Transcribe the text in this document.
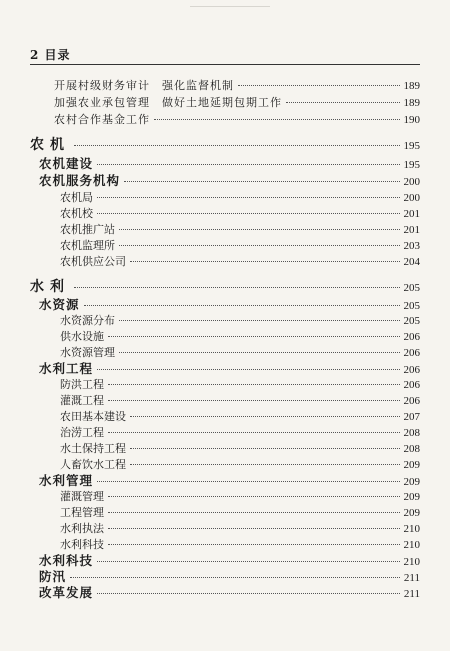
2 目录
开展村级财务审计　强化监督机制	189
加强农业承包管理　做好土地延期包期工作	189
农村合作基金工作	190
农机	195
农机建设	195
农机服务机构	200
农机局	200
农机校	201
农机推广站	201
农机监理所	203
农机供应公司	204
水利	205
水资源	205
水资源分布	205
供水设施	206
水资源管理	206
水利工程	206
防洪工程	206
灌溉工程	206
农田基本建设	207
治涝工程	208
水土保持工程	208
人畜饮水工程	209
水利管理	209
灌溉管理	209
工程管理	209
水利执法	210
水利科技	210
水利科技	210
防汛	211
改革发展	211
